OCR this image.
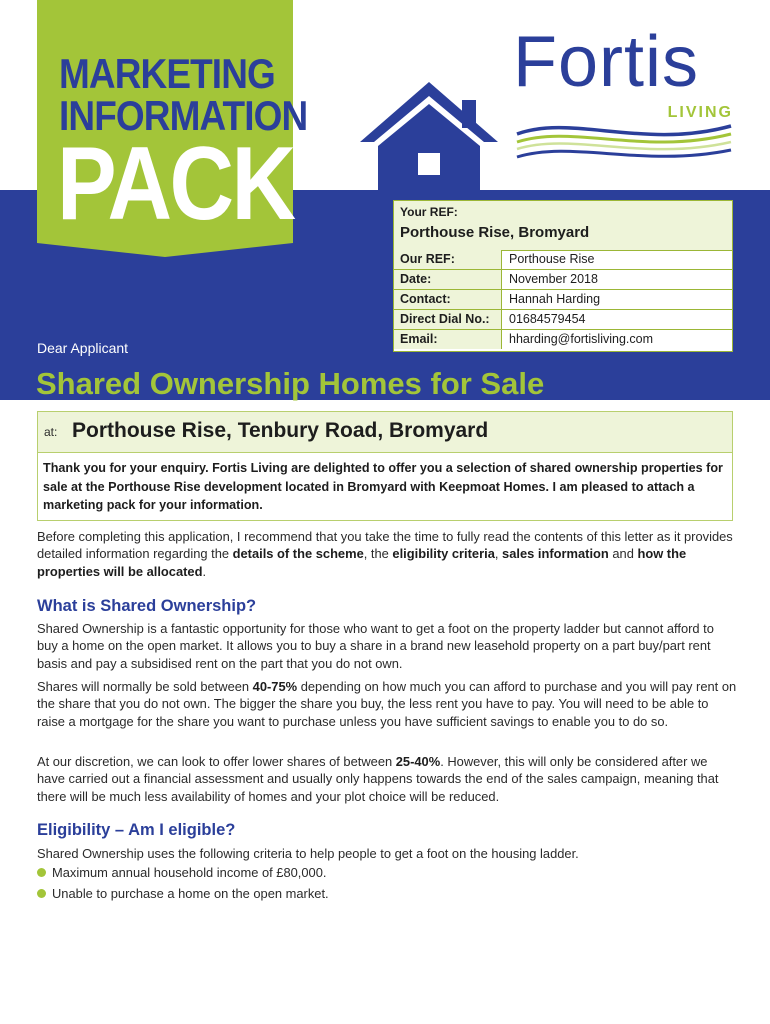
MARKETING
INFORMATION
PACK
Fortis
LIVING
Your REF:
Porthouse Rise, Bromyard
Our REF:	Porthouse Rise
Date:	November 2018
Contact:	Hannah Harding
Direct Dial No.:	01684579454
Email:	hharding@fortisliving.com
Dear Applicant
Shared Ownership Homes for Sale
at: Porthouse Rise, Tenbury Road, Bromyard
Thank you for your enquiry. Fortis Living are delighted to offer you a selection of shared ownership properties for sale at the Porthouse Rise development located in Bromyard with Keepmoat Homes. I am pleased to attach a marketing pack for your information.
Before completing this application, I recommend that you take the time to fully read the contents of this letter as it provides detailed information regarding the details of the scheme, the eligibility criteria, sales information and how the properties will be allocated.
What is Shared Ownership?
Shared Ownership is a fantastic opportunity for those who want to get a foot on the property ladder but cannot afford to buy a home on the open market. It allows you to buy a share in a brand new leasehold property on a part buy/part rent basis and pay a subsidised rent on the part that you do not own.
Shares will normally be sold between 40-75% depending on how much you can afford to purchase and you will pay rent on the share that you do not own. The bigger the share you buy, the less rent you have to pay. You will need to be able to raise a mortgage for the share you want to purchase unless you have sufficient savings to enable you to do so.
At our discretion, we can look to offer lower shares of between 25-40%. However, this will only be considered after we have carried out a financial assessment and usually only happens towards the end of the sales campaign, meaning that there will be much less availability of homes and your plot choice will be reduced.
Eligibility – Am I eligible?
Shared Ownership uses the following criteria to help people to get a foot on the housing ladder.
Maximum annual household income of £80,000.
Unable to purchase a home on the open market.
